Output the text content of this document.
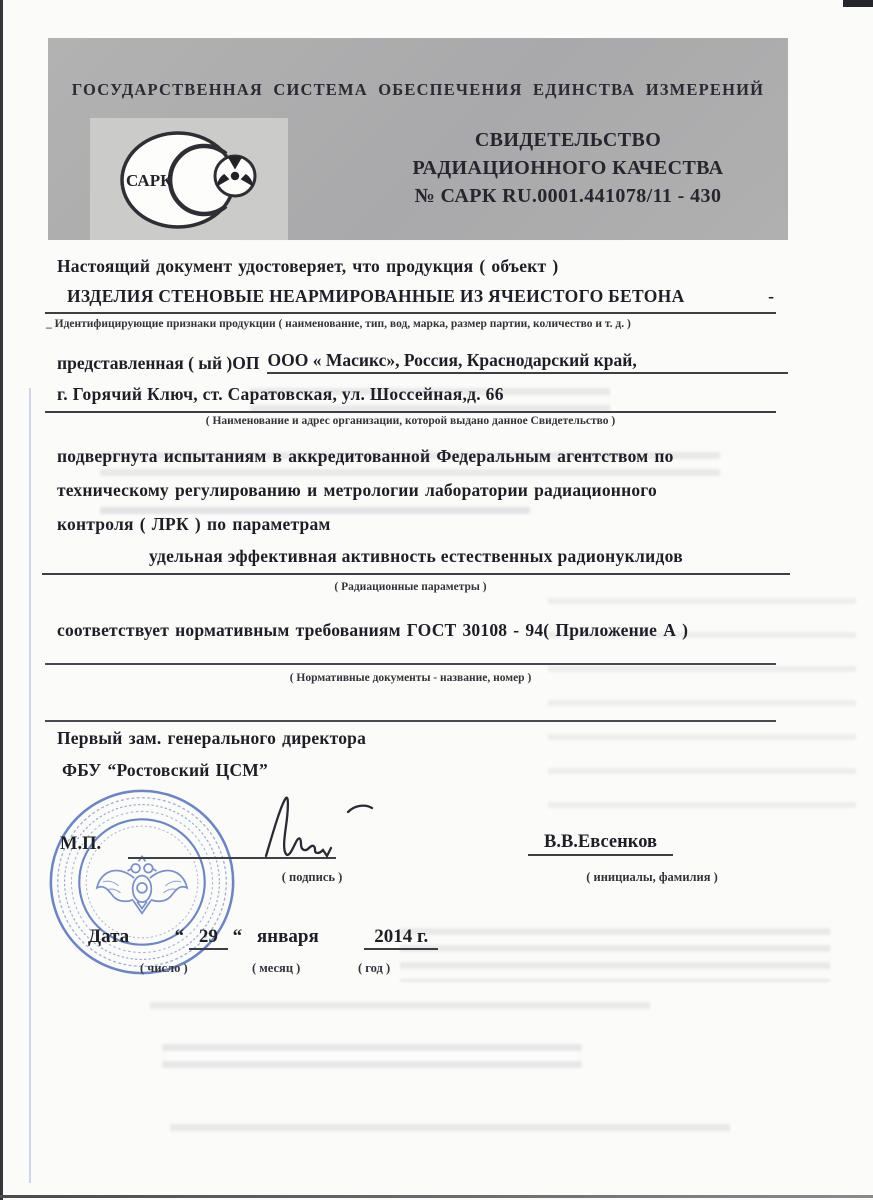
ГОСУДАРСТВЕННАЯ СИСТЕМА ОБЕСПЕЧЕНИЯ ЕДИНСТВА ИЗМЕРЕНИЙ
САРК
СВИДЕТЕЛЬСТВО
РАДИАЦИОННОГО КАЧЕСТВА
№ САРК RU.0001.441078/11 - 430
Настоящий документ удостоверяет, что продукция ( объект )
ИЗДЕЛИЯ СТЕНОВЫЕ НЕАРМИРОВАННЫЕ ИЗ ЯЧЕИСТОГО БЕТОНА	-
_ Идентифицирующие признаки продукции ( наименование, тип, вод, марка, размер партии, количество и т. д. )
представленная ( ый )ОП ООО « Масикс», Россия, Краснодарский край,
г. Горячий Ключ, ст. Саратовская, ул. Шоссейная,д. 66
( Наименование и адрес организации, которой выдано данное Свидетельство )
подвергнута испытаниям в аккредитованной Федеральным агентством по
техническому регулированию и метрологии лаборатории радиационного
контроля ( ЛРК ) по параметрам
удельная эффективная активность естественных радионуклидов
( Радиационные параметры )
соответствует нормативным требованиям ГОСТ 30108 - 94( Приложение А )
( Нормативные документы - название, номер )
Первый зам. генерального директора
ФБУ “Ростовский ЦСМ”
М.П.
( подпись )
В.В.Евсенков
( инициалы, фамилия )
Дата “ 29 “ января	2014 г.
( число )	( месяц )	( год )
